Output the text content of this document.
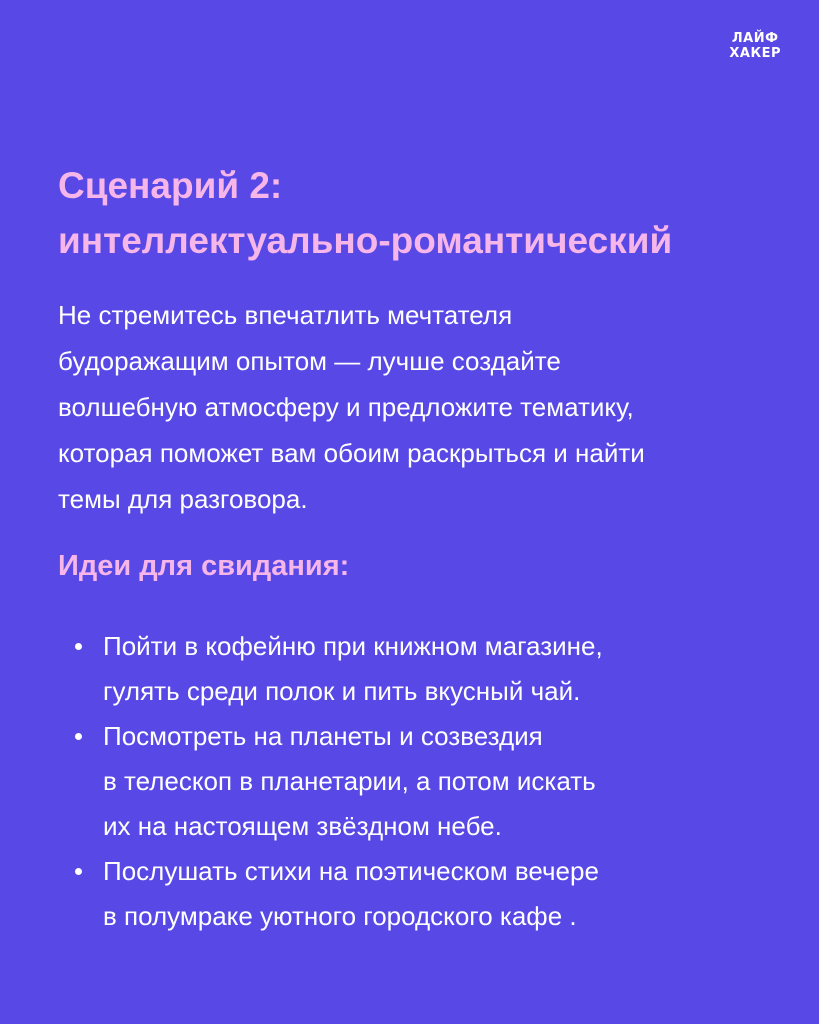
ЛАЙФ
ХАКЕР
Сценарий 2:
интеллектуально-романтический

Не стремитесь впечатлить мечтателя
будоражащим опытом — лучше создайте
волшебную атмосферу и предложите тематику,
которая поможет вам обоим раскрыться и найти
темы для разговора.

Идеи для свидания:
Пойти в кофейню при книжном магазине,
гулять среди полок и пить вкусный чай.
Посмотреть на планеты и созвездия
в телескоп в планетарии, а потом искать
их на настоящем звёздном небе.
Послушать стихи на поэтическом вечере
в полумраке уютного городского кафе .
